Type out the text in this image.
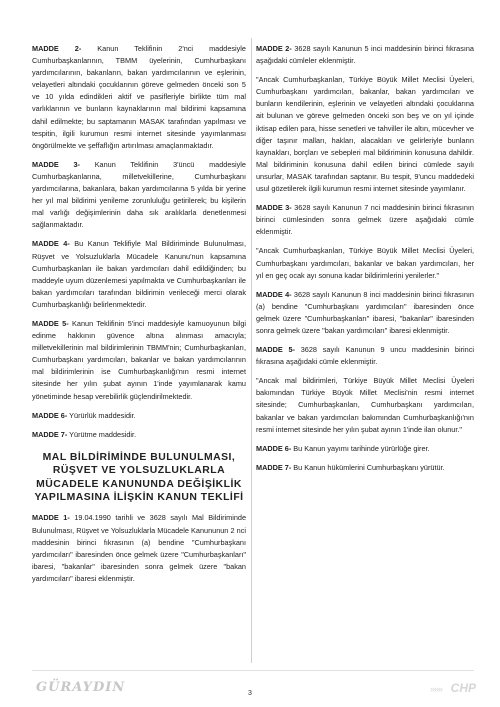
MADDE 2- Kanun Teklifinin 2'nci maddesiyle Cumhurbaşkanlarının, TBMM üyelerinin, Cumhurbaşkanı yardımcılarının, bakanların, bakan yardımcılarının ve eşlerinin, velayetleri altındaki çocuklarının göreve gelmeden önceki son 5 ve 10 yılda edindikleri aktif ve pasifleriyle birlikte tüm mal varlıklarının ve bunların kaynaklarının mal bildirimi kapsamına dahil edilmekte; bu saptamanın MASAK tarafından yapılması ve tespitin, ilgili kurumun resmi internet sitesinde yayımlanması öngörülmekte ve şeffaflığın artırılması amaçlanmaktadır.

MADDE 3- Kanun Teklifinin 3'üncü maddesiyle Cumhurbaşkanlarına, milletvekillerine, Cumhurbaşkanı yardımcılarına, bakanlara, bakan yardımcılarına 5 yılda bir yerine her yıl mal bildirimi yenileme zorunluluğu getirilerek; bu kişilerin mal varlığı değişimlerinin daha sık aralıklarla denetlenmesi sağlanmaktadır.

MADDE 4- Bu Kanun Teklifiyle Mal Bildiriminde Bulunulması, Rüşvet ve Yolsuzluklarla Mücadele Kanunu'nun kapsamına Cumhurbaşkanları ile bakan yardımcıları dahil edildiğinden; bu maddeyle uyum düzenlemesi yapılmakta ve Cumhurbaşkanları ile bakan yardımcıları tarafından bildirimin verileceği merci olarak Cumhurbaşkanlığı belirlenmektedir.

MADDE 5- Kanun Teklifinin 5'inci maddesiyle kamuoyunun bilgi edinme hakkının güvence altına alınması amacıyla; milletvekillerinin mal bildirimlerinin TBMM'nin; Cumhurbaşkanları, Cumhurbaşkanı yardımcıları, bakanlar ve bakan yardımcılarının mal bildirimlerinin ise Cumhurbaşkanlığı'nın resmi internet sitesinde her yılın şubat ayının 1'inde yayımlanarak kamu yönetiminde hesap verebilirlik güçlendirilmektedir.

MADDE 6- Yürürlük maddesidir.

MADDE 7- Yürütme maddesidir.

MAL BİLDİRİMİNDE BULUNULMASI, RÜŞVET VE YOLSUZLUKLARLA MÜCADELE KANUNUNDA DEĞİŞİKLİK YAPILMASINA İLİŞKİN KANUN TEKLİFİ

MADDE 1- 19.04.1990 tarihli ve 3628 sayılı Mal Bildiriminde Bulunulması, Rüşvet ve Yolsuzluklarla Mücadele Kanununun 2 nci maddesinin birinci fıkrasının (a) bendine "Cumhurbaşkanı yardımcıları" ibaresinden önce gelmek üzere "Cumhurbaşkanları" ibaresi, "bakanlar" ibaresinden sonra gelmek üzere "bakan yardımcıları" ibaresi eklenmiştir.

MADDE 2- 3628 sayılı Kanunun 5 inci maddesinin birinci fıkrasına aşağıdaki cümleler eklenmiştir.

"Ancak Cumhurbaşkanları, Türkiye Büyük Millet Meclisi Üyeleri, Cumhurbaşkanı yardımcıları, bakanlar, bakan yardımcıları ve bunların kendilerinin, eşlerinin ve velayetleri altındaki çocuklarına ait bulunan ve göreve gelmeden önceki son beş ve on yıl içinde iktisap edilen para, hisse senetleri ve tahviller ile altın, mücevher ve diğer taşınır malları, hakları, alacakları ve gelirleriyle bunların kaynakları, borçları ve sebepleri mal bildiriminin konusuna dahildir. Mal bildiriminin konusuna dahil edilen birinci cümlede sayılı unsurlar, MASAK tarafından saptanır. Bu tespit, 9'uncu maddedeki usul gözetilerek ilgili kurumun resmi internet sitesinde yayımlanır.

MADDE 3- 3628 sayılı Kanunun 7 nci maddesinin birinci fıkrasının birinci cümlesinden sonra gelmek üzere aşağıdaki cümle eklenmiştir.

"Ancak Cumhurbaşkanları, Türkiye Büyük Millet Meclisi Üyeleri, Cumhurbaşkanı yardımcıları, bakanlar ve bakan yardımcıları, her yıl en geç ocak ayı sonuna kadar bildirimlerini yenilerler."

MADDE 4- 3628 sayılı Kanunun 8 inci maddesinin birinci fıkrasının (a) bendine "Cumhurbaşkanı yardımcıları" ibaresinden önce gelmek üzere "Cumhurbaşkanları" ibaresi, "bakanlar" ibaresinden sonra gelmek üzere "bakan yardımcıları" ibaresi eklenmiştir.

MADDE 5- 3628 sayılı Kanunun 9 uncu maddesinin birinci fıkrasına aşağıdaki cümle eklenmiştir.

"Ancak mal bildirimleri, Türkiye Büyük Millet Meclisi Üyeleri bakımından Türkiye Büyük Millet Meclisi'nin resmi internet sitesinde; Cumhurbaşkanları, Cumhurbaşkanı yardımcıları, bakanlar ve bakan yardımcıları bakımından Cumhurbaşkanlığı'nın resmi internet sitesinde her yılın şubat ayının 1'inde ilan olunur."

MADDE 6- Bu Kanun yayımı tarihinde yürürlüğe girer.

MADDE 7- Bu Kanun hükümlerini Cumhurbaşkanı yürütür.

GÜRAYDIN	3	›››››› CHP
